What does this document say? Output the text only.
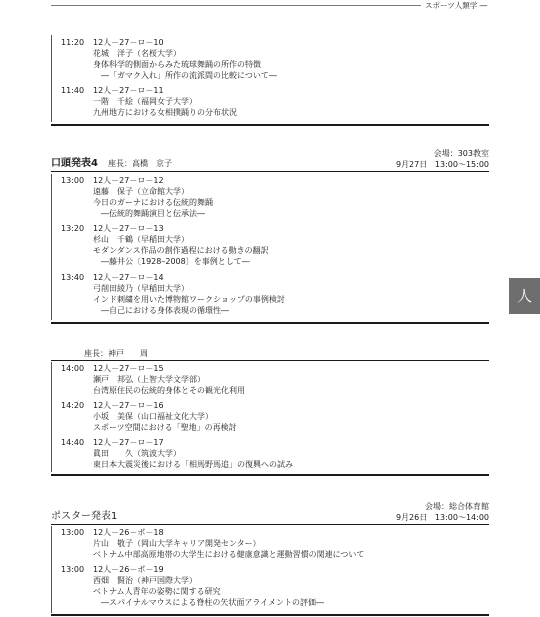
スポーツ人類学 ―
11:20	12人－27－ロ－10
花城　洋子（名桜大学）
身体科学的側面からみた琉球舞踊の所作の特徴
―「ガマク入れ」所作の流派間の比較について―
11:40	12人－27－ロ－11
一階　千絵（福岡女子大学）
九州地方における女相撲踊りの分布状況
会場：303教室
口頭発表4 座長：高橋　京子	9月27日 13:00〜15:00
13:00	12人－27－ロ－12
遠藤　保子（立命館大学）
今日のガーナにおける伝統的舞踊
―伝統的舞踊演目と伝承法―
13:20	12人－27－ロ－13
杉山　千鶴（早稲田大学）
モダンダンス作品の創作過程における動きの翻訳
―藤井公〔1928–2008〕を事例として―
13:40	12人－27－ロ－14
弓削田綾乃（早稲田大学）
インド刺繍を用いた博物館ワークショップの事例検討
―自己における身体表現の循環性―
座長：神戸　　周
14:00	12人－27－ロ－15
瀬戸　邦弘（上智大学文学部）
台湾原住民の伝統的身体とその観光化利用
14:20	12人－27－ロ－16
小坂　美保（山口福祉文化大学）
スポーツ空間における「聖地」の再検討
14:40	12人－27－ロ－17
眞田　　久（筑波大学）
東日本大震災後における「相馬野馬追」の復興への試み
会場：総合体育館
ポスター発表1	9月26日 13:00〜14:00
13:00	12人－26－ポ－18
片山　敬子（岡山大学キャリア開発センター）
ベトナム中部高原地帯の大学生における健康意識と運動習慣の関連について
13:00	12人－26－ポ－19
西畑　賢治（神戸国際大学）
ベトナム人青年の姿勢に関する研究
―スパイナルマウスによる脊柱の矢状面アライメントの評価―
人
